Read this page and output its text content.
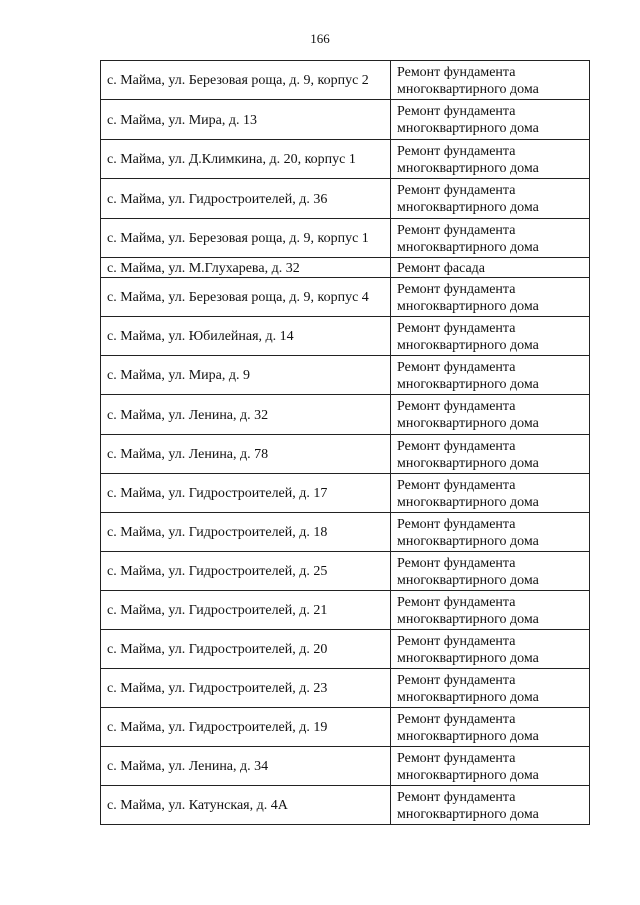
166
с. Майма, ул. Березовая роща, д. 9, корпус 2	Ремонт фундамента многоквартирного дома
с. Майма, ул. Мира, д. 13	Ремонт фундамента многоквартирного дома
с. Майма, ул. Д.Климкина, д. 20, корпус 1	Ремонт фундамента многоквартирного дома
с. Майма, ул. Гидростроителей, д. 36	Ремонт фундамента многоквартирного дома
с. Майма, ул. Березовая роща, д. 9, корпус 1	Ремонт фундамента многоквартирного дома
с. Майма, ул. М.Глухарева, д. 32	Ремонт фасада
с. Майма, ул. Березовая роща, д. 9, корпус 4	Ремонт фундамента многоквартирного дома
с. Майма, ул. Юбилейная, д. 14	Ремонт фундамента многоквартирного дома
с. Майма, ул. Мира, д. 9	Ремонт фундамента многоквартирного дома
с. Майма, ул. Ленина, д. 32	Ремонт фундамента многоквартирного дома
с. Майма, ул. Ленина, д. 78	Ремонт фундамента многоквартирного дома
с. Майма, ул. Гидростроителей, д. 17	Ремонт фундамента многоквартирного дома
с. Майма, ул. Гидростроителей, д. 18	Ремонт фундамента многоквартирного дома
с. Майма, ул. Гидростроителей, д. 25	Ремонт фундамента многоквартирного дома
с. Майма, ул. Гидростроителей, д. 21	Ремонт фундамента многоквартирного дома
с. Майма, ул. Гидростроителей, д. 20	Ремонт фундамента многоквартирного дома
с. Майма, ул. Гидростроителей, д. 23	Ремонт фундамента многоквартирного дома
с. Майма, ул. Гидростроителей, д. 19	Ремонт фундамента многоквартирного дома
с. Майма, ул. Ленина, д. 34	Ремонт фундамента многоквартирного дома
с. Майма, ул. Катунская, д. 4А	Ремонт фундамента многоквартирного дома
